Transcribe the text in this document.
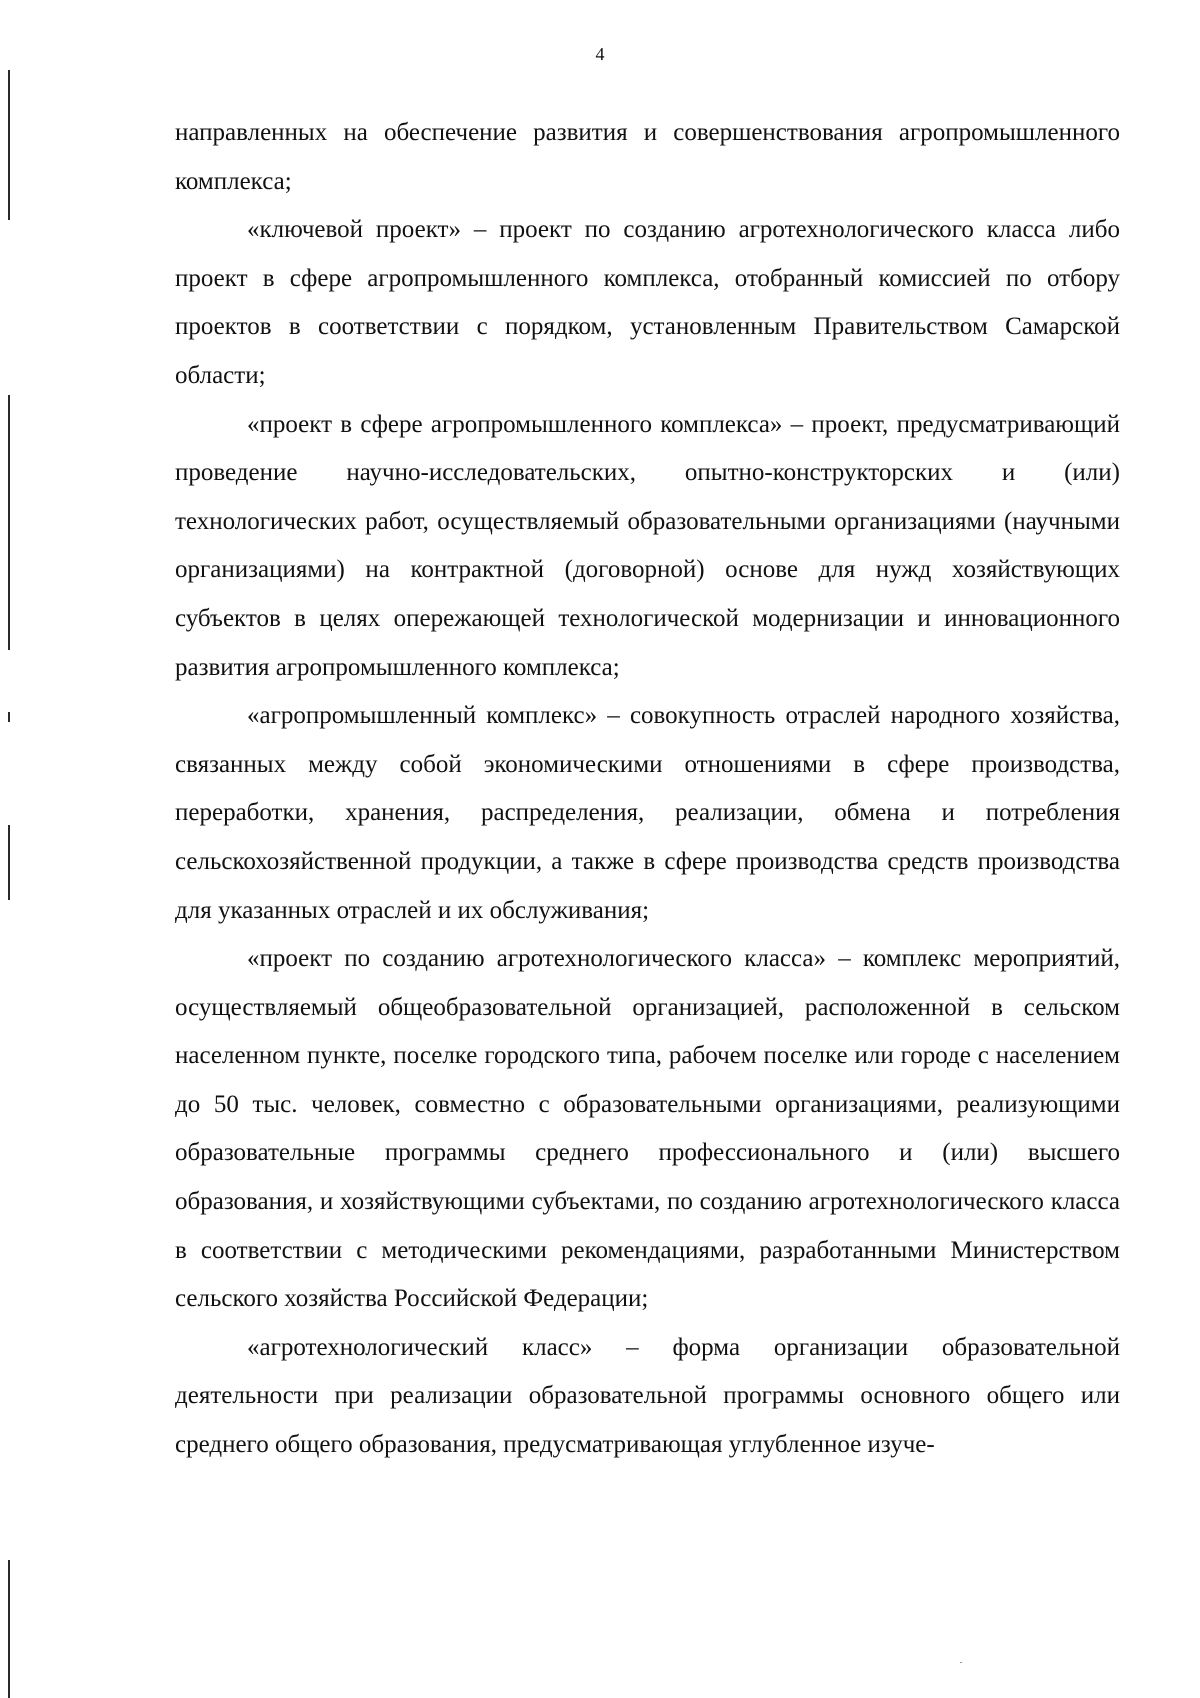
4

направленных на обеспечение развития и совершенствования агропромышленного комплекса;

«ключевой проект» – проект по созданию агротехнологического класса либо проект в сфере агропромышленного комплекса, отобранный комиссией по отбору проектов в соответствии с порядком, установленным Правительством Самарской области;

«проект в сфере агропромышленного комплекса» – проект, предусматривающий проведение научно-исследовательских, опытно-конструкторских и (или) технологических работ, осуществляемый образовательными организациями (научными организациями) на контрактной (договорной) основе для нужд хозяйствующих субъектов в целях опережающей технологической модернизации и инновационного развития агропромышленного комплекса;

«агропромышленный комплекс» – совокупность отраслей народного хозяйства, связанных между собой экономическими отношениями в сфере производства, переработки, хранения, распределения, реализации, обмена и потребления сельскохозяйственной продукции, а также в сфере производства средств производства для указанных отраслей и их обслуживания;

«проект по созданию агротехнологического класса» – комплекс мероприятий, осуществляемый общеобразовательной организацией, расположенной в сельском населенном пункте, поселке городского типа, рабочем поселке или городе с населением до 50 тыс. человек, совместно с образовательными организациями, реализующими образовательные программы среднего профессионального и (или) высшего образования, и хозяйствующими субъектами, по созданию агротехнологического класса в соответствии с методическими рекомендациями, разработанными Министерством сельского хозяйства Российской Федерации;

«агротехнологический класс» – форма организации образовательной деятельности при реализации образовательной программы основного общего или среднего общего образования, предусматривающая углубленное изуче-
